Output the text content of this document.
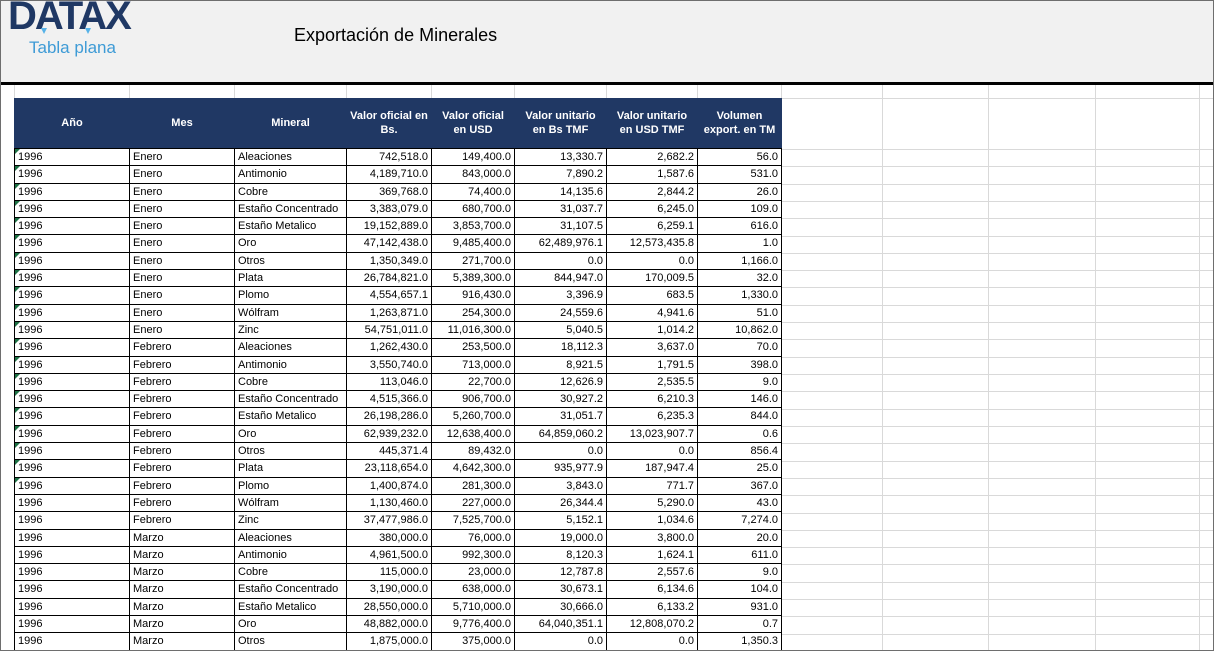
DATAX
Tabla plana
Exportación de Minerales
Año	Mes	Mineral	Valor oficial en Bs.	Valor oficial en USD	Valor unitario en Bs TMF	Valor unitario en USD TMF	Volumen export. en TM
1996	Enero	Aleaciones	742,518.0	149,400.0	13,330.7	2,682.2	56.0
1996	Enero	Antimonio	4,189,710.0	843,000.0	7,890.2	1,587.6	531.0
1996	Enero	Cobre	369,768.0	74,400.0	14,135.6	2,844.2	26.0
1996	Enero	Estaño Concentrado	3,383,079.0	680,700.0	31,037.7	6,245.0	109.0
1996	Enero	Estaño Metalico	19,152,889.0	3,853,700.0	31,107.5	6,259.1	616.0
1996	Enero	Oro	47,142,438.0	9,485,400.0	62,489,976.1	12,573,435.8	1.0
1996	Enero	Otros	1,350,349.0	271,700.0	0.0	0.0	1,166.0
1996	Enero	Plata	26,784,821.0	5,389,300.0	844,947.0	170,009.5	32.0
1996	Enero	Plomo	4,554,657.1	916,430.0	3,396.9	683.5	1,330.0
1996	Enero	Wólfram	1,263,871.0	254,300.0	24,559.6	4,941.6	51.0
1996	Enero	Zinc	54,751,011.0	11,016,300.0	5,040.5	1,014.2	10,862.0
1996	Febrero	Aleaciones	1,262,430.0	253,500.0	18,112.3	3,637.0	70.0
1996	Febrero	Antimonio	3,550,740.0	713,000.0	8,921.5	1,791.5	398.0
1996	Febrero	Cobre	113,046.0	22,700.0	12,626.9	2,535.5	9.0
1996	Febrero	Estaño Concentrado	4,515,366.0	906,700.0	30,927.2	6,210.3	146.0
1996	Febrero	Estaño Metalico	26,198,286.0	5,260,700.0	31,051.7	6,235.3	844.0
1996	Febrero	Oro	62,939,232.0	12,638,400.0	64,859,060.2	13,023,907.7	0.6
1996	Febrero	Otros	445,371.4	89,432.0	0.0	0.0	856.4
1996	Febrero	Plata	23,118,654.0	4,642,300.0	935,977.9	187,947.4	25.0
1996	Febrero	Plomo	1,400,874.0	281,300.0	3,843.0	771.7	367.0
1996	Febrero	Wólfram	1,130,460.0	227,000.0	26,344.4	5,290.0	43.0
1996	Febrero	Zinc	37,477,986.0	7,525,700.0	5,152.1	1,034.6	7,274.0
1996	Marzo	Aleaciones	380,000.0	76,000.0	19,000.0	3,800.0	20.0
1996	Marzo	Antimonio	4,961,500.0	992,300.0	8,120.3	1,624.1	611.0
1996	Marzo	Cobre	115,000.0	23,000.0	12,787.8	2,557.6	9.0
1996	Marzo	Estaño Concentrado	3,190,000.0	638,000.0	30,673.1	6,134.6	104.0
1996	Marzo	Estaño Metalico	28,550,000.0	5,710,000.0	30,666.0	6,133.2	931.0
1996	Marzo	Oro	48,882,000.0	9,776,400.0	64,040,351.1	12,808,070.2	0.7
1996	Marzo	Otros	1,875,000.0	375,000.0	0.0	0.0	1,350.3
